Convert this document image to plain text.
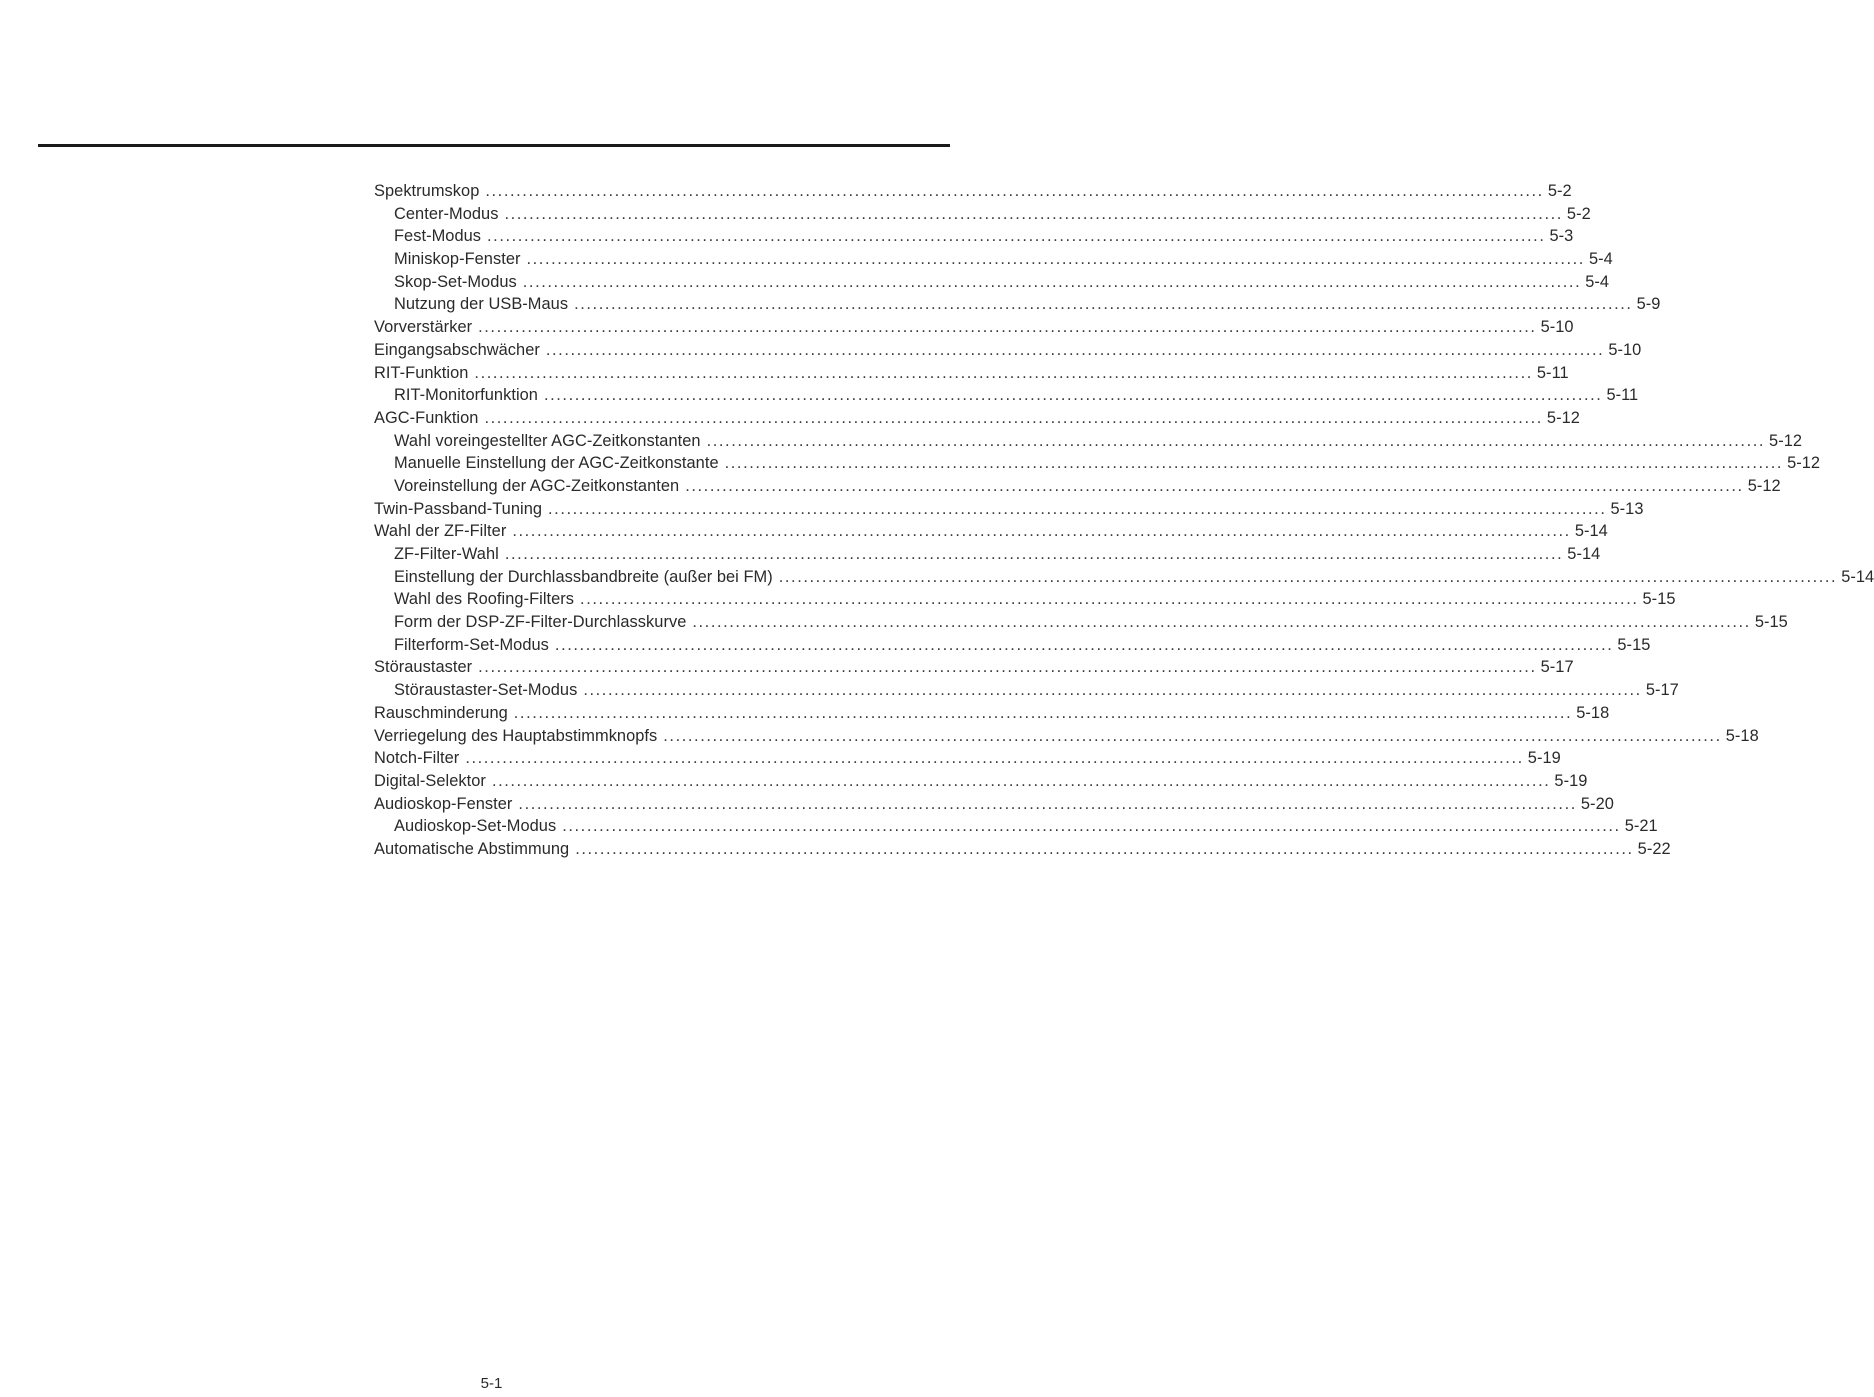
Spektrumskop ............................................................................................................................................................................ 5-2
Center-Modus ............................................................................................................................................................................ 5-2
Fest-Modus ............................................................................................................................................................................ 5-3
Miniskop-Fenster ............................................................................................................................................................................ 5-4
Skop-Set-Modus ............................................................................................................................................................................ 5-4
Nutzung der USB-Maus ............................................................................................................................................................................ 5-9
Vorverstärker ............................................................................................................................................................................ 5-10
Eingangsabschwächer ............................................................................................................................................................................ 5-10
RIT-Funktion ............................................................................................................................................................................ 5-11
RIT-Monitorfunktion ............................................................................................................................................................................ 5-11
AGC-Funktion ............................................................................................................................................................................ 5-12
Wahl voreingestellter AGC-Zeitkonstanten ............................................................................................................................................................................ 5-12
Manuelle Einstellung der AGC-Zeitkonstante ............................................................................................................................................................................ 5-12
Voreinstellung der AGC-Zeitkonstanten ............................................................................................................................................................................ 5-12
Twin-Passband-Tuning ............................................................................................................................................................................ 5-13
Wahl der ZF-Filter ............................................................................................................................................................................ 5-14
ZF-Filter-Wahl ............................................................................................................................................................................ 5-14
Einstellung der Durchlassbandbreite (außer bei FM) ............................................................................................................................................................................ 5-14
Wahl des Roofing-Filters ............................................................................................................................................................................ 5-15
Form der DSP-ZF-Filter-Durchlasskurve ............................................................................................................................................................................ 5-15
Filterform-Set-Modus ............................................................................................................................................................................ 5-15
Störaustaster ............................................................................................................................................................................ 5-17
Störaustaster-Set-Modus ............................................................................................................................................................................ 5-17
Rauschminderung ............................................................................................................................................................................ 5-18
Verriegelung des Hauptabstimmknopfs ............................................................................................................................................................................ 5-18
Notch-Filter ............................................................................................................................................................................ 5-19
Digital-Selektor ............................................................................................................................................................................ 5-19
Audioskop-Fenster ............................................................................................................................................................................ 5-20
Audioskop-Set-Modus ............................................................................................................................................................................ 5-21
Automatische Abstimmung ............................................................................................................................................................................ 5-22
5-1
